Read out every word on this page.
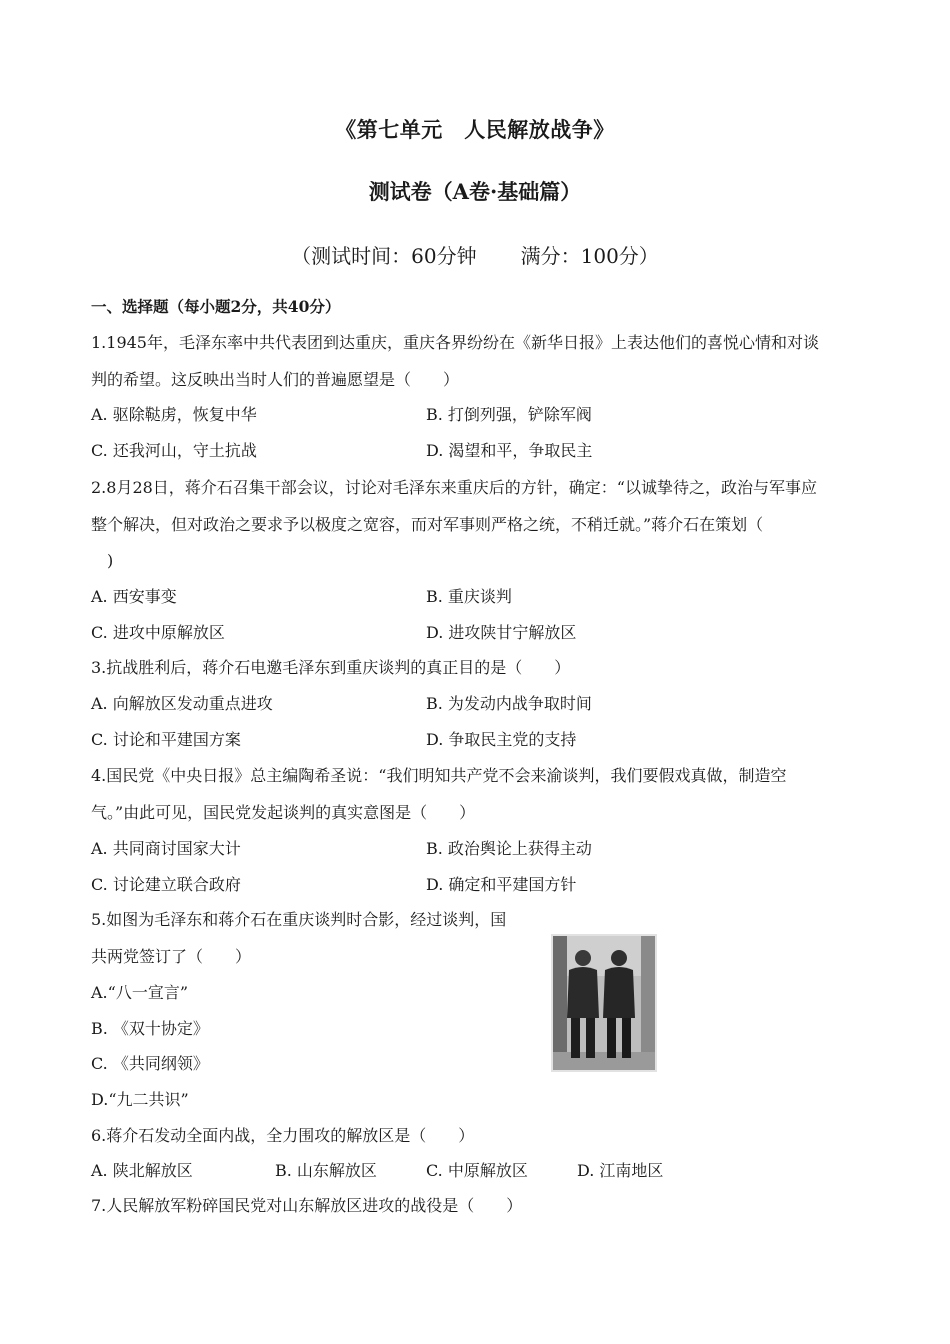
《第七单元　人民解放战争》
测试卷（A卷·基础篇）
（测试时间：60分钟 满分：100分）
一、选择题（每小题2分，共40分）
1.1945年，毛泽东率中共代表团到达重庆，重庆各界纷纷在《新华日报》上表达他们的喜悦心情和对谈
判的希望。这反映出当时人们的普遍愿望是（　　）
A. 驱除鞑虏，恢复中华	B. 打倒列强，铲除军阀
C. 还我河山，守土抗战	D. 渴望和平，争取民主
2.8月28日，蒋介石召集干部会议，讨论对毛泽东来重庆后的方针，确定：“以诚挚待之，政治与军事应
整个解决，但对政治之要求予以极度之宽容，而对军事则严格之统，不稍迁就。”蒋介石在策划（
　)
A. 西安事变	B. 重庆谈判
C. 进攻中原解放区	D. 进攻陕甘宁解放区
3.抗战胜利后，蒋介石电邀毛泽东到重庆谈判的真正目的是（　　）
A. 向解放区发动重点进攻	B. 为发动内战争取时间
C. 讨论和平建国方案	D. 争取民主党的支持
4.国民党《中央日报》总主编陶希圣说：“我们明知共产党不会来渝谈判，我们要假戏真做，制造空
气。”由此可见，国民党发起谈判的真实意图是（　　）
A. 共同商讨国家大计	B. 政治舆论上获得主动
C. 讨论建立联合政府	D. 确定和平建国方针
5.如图为毛泽东和蒋介石在重庆谈判时合影，经过谈判，国
共两党签订了（　　）
A.“八一宣言”
B. 《双十协定》
C. 《共同纲领》
D.“九二共识”
6.蒋介石发动全面内战，全力围攻的解放区是（　　）
A. 陕北解放区	B. 山东解放区	C. 中原解放区	D. 江南地区
7.人民解放军粉碎国民党对山东解放区进攻的战役是（　　）
